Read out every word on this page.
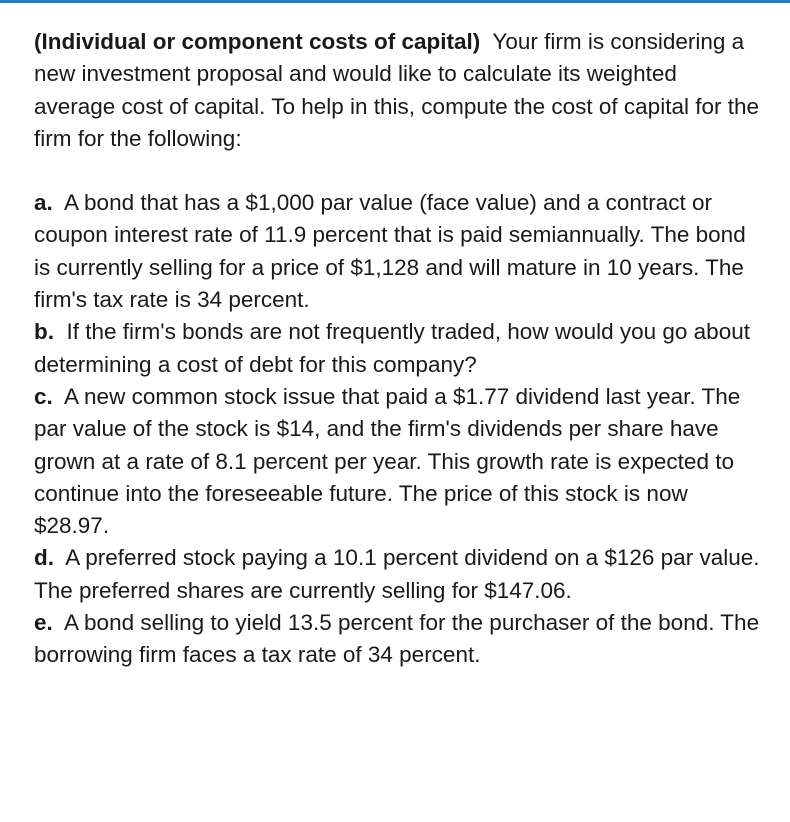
(Individual or component costs of capital) Your firm is considering a new investment proposal and would like to calculate its weighted average cost of capital. To help in this, compute the cost of capital for the firm for the following:

a. A bond that has a $1,000 par value (face value) and a contract or coupon interest rate of 11.9 percent that is paid semiannually. The bond is currently selling for a price of $1,128 and will mature in 10 years. The firm's tax rate is 34 percent.

b. If the firm's bonds are not frequently traded, how would you go about determining a cost of debt for this company?

c. A new common stock issue that paid a $1.77 dividend last year. The par value of the stock is $14, and the firm's dividends per share have grown at a rate of 8.1 percent per year. This growth rate is expected to continue into the foreseeable future. The price of this stock is now $28.97.

d. A preferred stock paying a 10.1 percent dividend on a $126 par value. The preferred shares are currently selling for $147.06.

e. A bond selling to yield 13.5 percent for the purchaser of the bond. The borrowing firm faces a tax rate of 34 percent.
